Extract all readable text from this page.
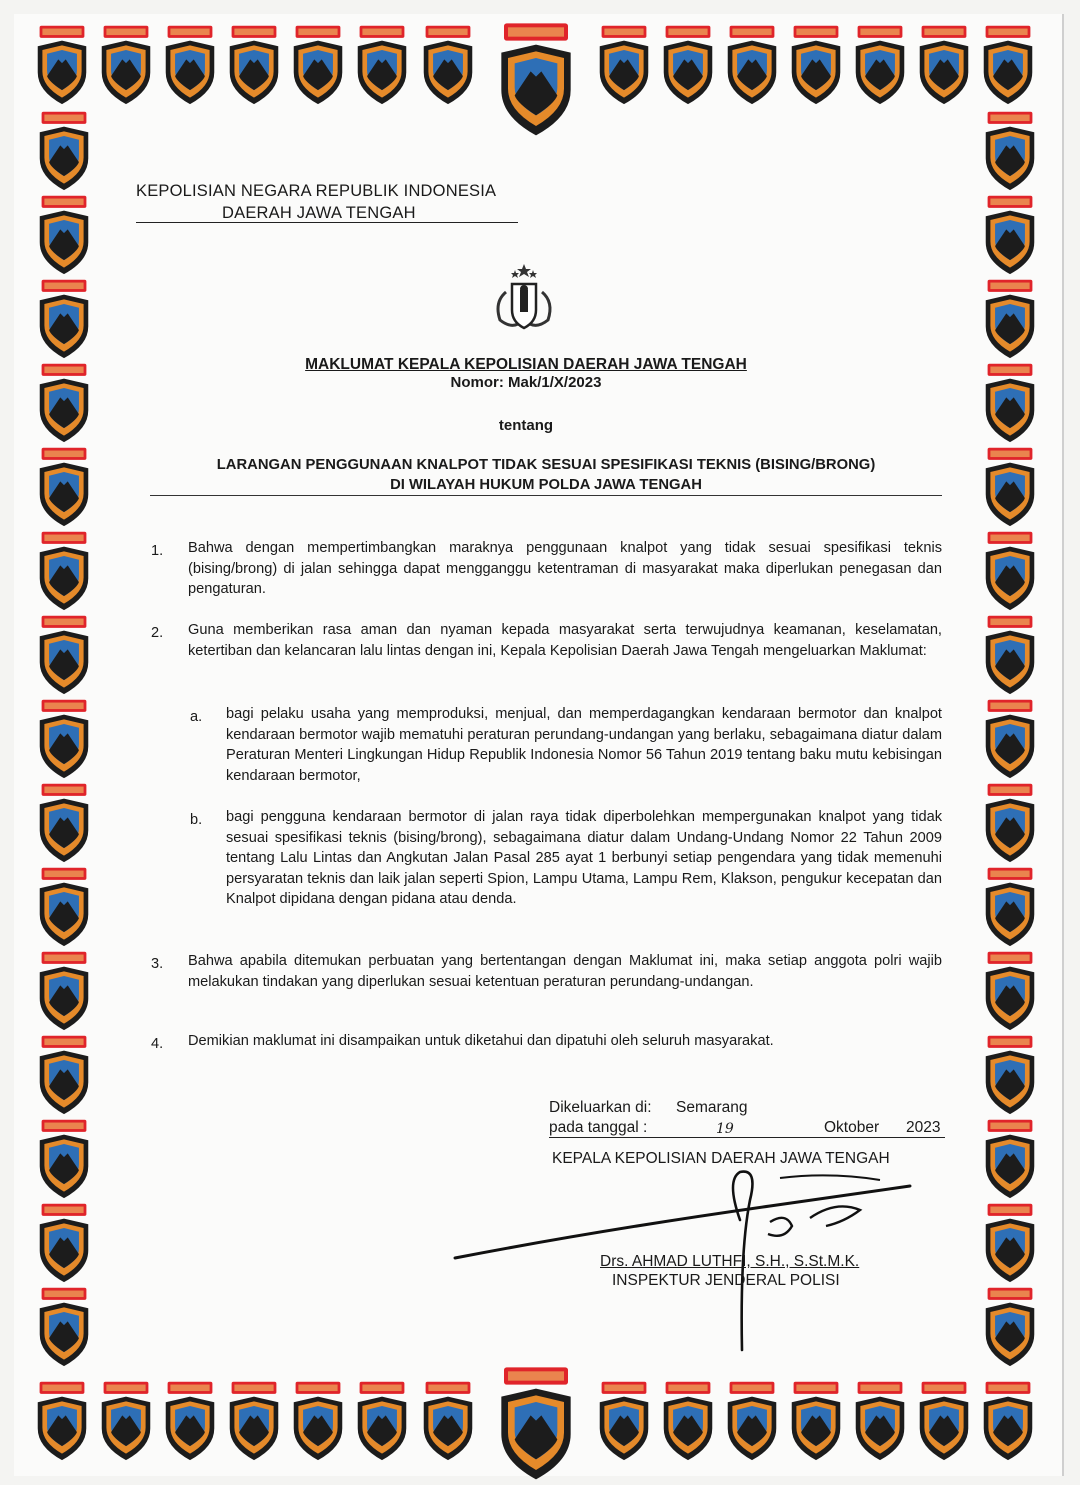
KEPOLISIAN NEGARA REPUBLIK INDONESIA
DAERAH JAWA TENGAH
MAKLUMAT KEPALA KEPOLISIAN DAERAH JAWA TENGAH
Nomor: Mak/1/X/2023
tentang
LARANGAN PENGGUNAAN KNALPOT TIDAK SESUAI SPESIFIKASI TEKNIS (BISING/BRONG)
DI WILAYAH HUKUM POLDA JAWA TENGAH
1. Bahwa dengan mempertimbangkan maraknya penggunaan knalpot yang tidak sesuai spesifikasi teknis (bising/brong) di jalan sehingga dapat mengganggu ketentraman di masyarakat maka diperlukan penegasan dan pengaturan.
2. Guna memberikan rasa aman dan nyaman kepada masyarakat serta terwujudnya keamanan, keselamatan, ketertiban dan kelancaran lalu lintas dengan ini, Kepala Kepolisian Daerah Jawa Tengah mengeluarkan Maklumat:
a. bagi pelaku usaha yang memproduksi, menjual, dan memperdagangkan kendaraan bermotor dan knalpot kendaraan bermotor wajib mematuhi peraturan perundang-undangan yang berlaku, sebagaimana diatur dalam Peraturan Menteri Lingkungan Hidup Republik Indonesia Nomor 56 Tahun 2019 tentang baku mutu kebisingan kendaraan bermotor,
b. bagi pengguna kendaraan bermotor di jalan raya tidak diperbolehkan mempergunakan knalpot yang tidak sesuai spesifikasi teknis (bising/brong), sebagaimana diatur dalam Undang-Undang Nomor 22 Tahun 2009 tentang Lalu Lintas dan Angkutan Jalan Pasal 285 ayat 1 berbunyi setiap pengendara yang tidak memenuhi persyaratan teknis dan laik jalan seperti Spion, Lampu Utama, Lampu Rem, Klakson, pengukur kecepatan dan Knalpot dipidana dengan pidana atau denda.
3. Bahwa apabila ditemukan perbuatan yang bertentangan dengan Maklumat ini, maka setiap anggota polri wajib melakukan tindakan yang diperlukan sesuai ketentuan peraturan perundang-undangan.
4. Demikian maklumat ini disampaikan untuk diketahui dan dipatuhi oleh seluruh masyarakat.
Dikeluarkan di: Semarang
pada tanggal :	19	Oktober 2023
KEPALA KEPOLISIAN DAERAH JAWA TENGAH
Drs. AHMAD LUTHFI, S.H., S.St.M.K.
INSPEKTUR JENDERAL POLISI
